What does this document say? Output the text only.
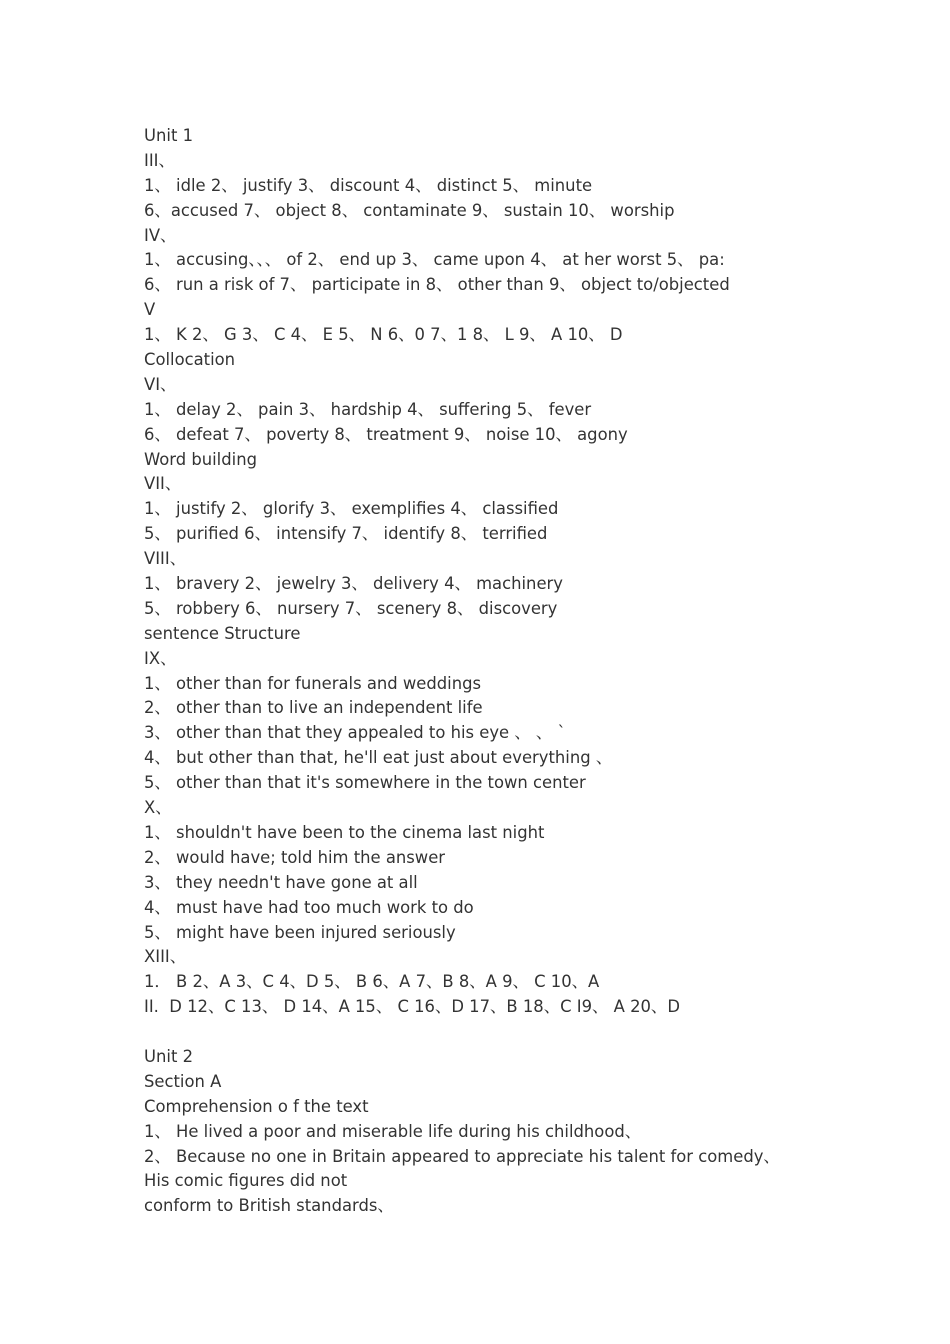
Unit 1
III、
1、 idle 2、 justify 3、 discount 4、 distinct 5、 minute
6、accused 7、 object 8、 contaminate 9、 sustain 10、 worship
IV、
1、 accusing、、、 of 2、 end up 3、 came upon 4、 at her worst 5、 pa:
6、 run a risk of 7、 participate in 8、 other than 9、 object to/objected
V
1、 K 2、 G 3、 C 4、 E 5、 N 6、0 7、1 8、 L 9、 A 10、 D
Collocation
VI、
1、 delay 2、 pain 3、 hardship 4、 suffering 5、 fever
6、 defeat 7、 poverty 8、 treatment 9、 noise 10、 agony
Word building
VII、
1、 justify 2、 glorify 3、 exemplifies 4、 classified
5、 purified 6、 intensify 7、 identify 8、 terrified
VIII、
1、 bravery 2、 jewelry 3、 delivery 4、 machinery
5、 robbery 6、 nursery 7、 scenery 8、 discovery
sentence Structure
IX、
1、 other than for funerals and weddings
2、 other than to live an independent life
3、 other than that they appealed to his eye 、 、 `
4、 but other than that, he'll eat just about everything 、
5、 other than that it's somewhere in the town center
X、
1、 shouldn't have been to the cinema last night
2、 would have; told him the answer
3、 they needn't have gone at all
4、 must have had too much work to do
5、 might have been injured seriously
XIII、
1． B 2、A 3、C 4、D 5、 B 6、A 7、B 8、A 9、 C 10、A
II.  D 12、C 13、 D 14、A 15、 C 16、D 17、B 18、C I9、 A 20、D
Unit 2
Section A
Comprehension o f the text
1、 He lived a poor and miserable life during his childhood、
2、 Because no one in Britain appeared to appreciate his talent for comedy、
His comic figures did not
conform to British standards、
